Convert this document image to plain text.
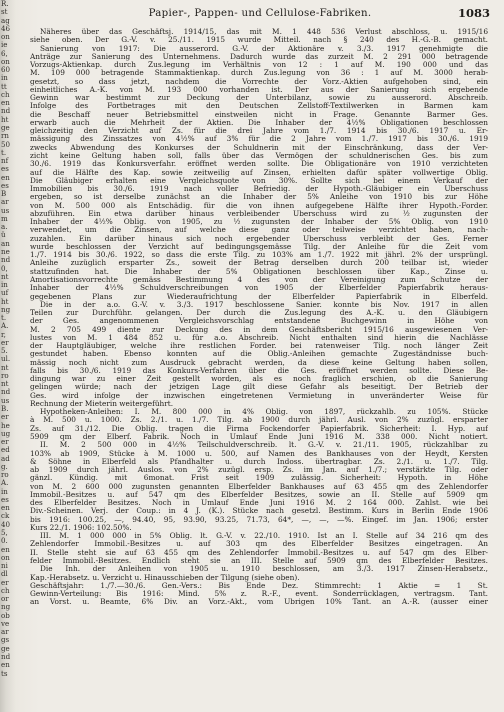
R.
st
ag
46
on
ie
6,
on
60
in
tt
ch
en
nd
ht
ge
rn
50
t.
nf
es
en
es
B
ar
us
m
a.
ü
an
ne
nd
0,
nt
in
uf
ht
ng
t.
A.
r,
er
5.
ul.
nt
ro
nt
nd
us
B.
er
he
ug
er
ed
ad
g.
ro
A.
in
es
en
ck
40
5,
0.
en
on
ni
dl
er
ch
or
ng
ob
ve
ar
gs
ge
nd
en
ts
Papier-, Pappen- und Cellulose-Fabriken.	1083
Näheres über das Geschäftsj. 1914/15, das mit M. 1 448 536 Verlust abschloss, u. 1915/16
siehe oben. Der G.-V. v. 25./11. 1915 wurde Mitteil. nach § 240 des H.-G.-B. gemacht.
Sanierung von 1917: Die ausserord. G.-V. der Aktionäre v. 3./3. 1917 genehmigte die
Anträge zur Sanierung des Unternehmens. Dadurch wurde das zurzeit M. 2 291 000 betragende
Vorzugs-Aktienkap. durch Zus.legung im Verhältnis von 12 : 1 auf M. 190 000 und das
M. 109 000 betragende Stammaktienkap. durch Zus.legung von 36 : 1 auf M. 3000 herab-
gesetzt, so dass jetzt, nachdem die Vorrechte der Vorz.-Aktien aufgehoben sind, ein
einheitliches A.-K. von M. 193 000 vorhanden ist. Der aus der Sanierung sich ergebende
Gewinn war bestimmt zur Deckung der Unterbilanz, sowie zu ausserord. Abschreib.
Infolge des Fortbetrages mit den Deutschen Zellstoff-Textilwerken in Barmen kam
die Beschaff neuer Betriebsmittel einstweilen nicht in Frage. Genannte Barmer Ges.
erwarb auch die Mehrheit der Aktien. Die Inhaber der 4½% Obligationen beschlossen
gleichzeitig den Verzicht auf Zs. für die drei Jahre vom 1./7. 1914 bis 30./6. 1917 u. Er-
mässigung des Zinssatzes von 4½% auf 3% für die 2 Jahre vom 1./7. 1917 bis 30./6. 1919
zwecks Abwendung des Konkurses der Schuldnerin mit der Einschränkung, dass der Ver-
zicht keine Geltung haben soll, falls über das Vermögen der schuldnerischen Ges. bis zum
30./6. 1919 das Konkursverfahr. eröffnet werden sollte. Die Obligationäre von 1910 verzichteten
auf die Hälfte des Kap. sowie zeitweilig auf Zinsen, erhielten dafür später vollwertige Oblig.
Die Gläubiger erhalten eine Vergleichsquote von 30%. Sollte sich bei einem Verkauf der
Immobilien bis 30./6. 1919 nach voller Befriedig. der Hypoth.-Gläubiger ein Überschuss
ergeben, so ist derselbe zunächst an die Inhaber der 5% Anleihe von 1910 bis zur Höhe
von M. 500 000 als Entschädig. für die von ihnen aufgegebene Hälfte ihrer Hypoth.-Forder.
abzuführen. Ein etwa darüber hinaus verbleibender Überschuss wird zu ½ zugunsten der
Inhaber der 4½% Oblig. von 1905, zu ½ zugunsten der Inhaber der 5% Oblig. von 1910
verwendet, um die Zinsen, auf welche diese ganz oder teilweise verzichtet haben, nach-
zuzahlen. Ein darüber hinaus sich noch ergebender Überschuss verbleibt der Ges. Ferner
wurde beschlossen der Verzicht auf bedingungsgemässe Tilg. der Anleihe für die Zeit vom
1./7. 1914 bis 30./6. 1922, so dass die erste Tilg. zu 103% am 1./7. 1922 mit jährl. 2% der ursprüngl.
Anleihe zuzüglich ersparter Zs., soweit der Betrag derselben durch 200 teilbar ist, wieder
stattzufinden hat. Die Inhaber der 5% Obligationen beschlossen über Kap., Zinse u.
Amortisationsvorrechte gemäss Bestimmung 4 des von der Vereinigung zum Schutze der
Inhaber der 4½% Schuldverschreibungen von 1905 der Elberfelder Papierfabrik heraus-
gegebenen Plans zur Wiederaufrichtung der Elberfelder Papierfabrik in Elberfeld.
Die in der a.o. G.-V. v. 3./3. 1917 beschlossene Sanier. konnte bis Nov. 1917 in allen
Teilen zur Durchführ. gelangen. Der durch die Zus.legung des A.-K. u. den Gläubigern
der Ges. angenommenen Vergleichsvorschlag entstandene Buchgewinn in Höhe von
M. 2 705 499 diente zur Deckung des in dem Geschäftsbericht 1915/16 ausgewiesenen Ver-
lustes von M. 1 484 852 u. für a.o. Abschreib. Nicht enthalten sind hierin die Nachlässe
der Hauptgläubiger, welche ihre restlichen Forder. bei ratenweiser Tilg. noch länger Zeit
gestundet haben. Ebenso konnten auf die Oblig.-Anleihen gemachte Zugeständnisse buch-
mässig noch nicht zum Ausdruck gebracht werden, da diese keine Geltung haben sollen,
falls bis 30./6. 1919 das Konkurs-Verfahren über die Ges. eröffnet werden sollte. Diese Be-
dingung war zu einer Zeit gestellt worden, als es noch fraglich erschien, ob die Sanierung
gelingen würde; nach der jetzigen Lage gilt diese Gefahr als beseitigt. Der Betrieb der
Ges. wird infolge der inzwischen eingetretenen Vermietung in unveränderter Weise für
Rechnung der Mieterin weitergeführt.
Hypotheken-Anleihen: I. M. 800 000 in 4% Oblig. von 1897, rückzahlb. zu 105%. Stücke
à M. 500 u. 1000. Zs. 2./1. u. 1./7. Tilg. ab 1900 durch jährl. Ausl. von 2% zuzügl. ersparter
Zs. auf 31./12. Die Oblig. tragen die Firma Fockendorfer Papierfabrik. Sicherheit: I. Hyp. auf
5909 qm der Elberf. Fabrik. Noch in Umlauf Ende Juni 1916 M. 338 000. Nicht notiert.
II. M. 2 500 000 in 4½% Teilschuldverschreib. lt. G.-V. v. 21./11. 1905, rückzahlbar zu
103% ab 1909, Stücke à M. 1000 u. 500, auf Namen des Bankhauses von der Heydt, Kersten
& Söhne in Elberfeld als Pfandhalter u. durch Indoss. übertragbar. Zs. 2./1. u. 1./7. Tilg.
ab 1909 durch jährl. Auslos. von 2% zuzügl. ersp. Zs. im Jan. auf 1./7.; verstärkte Tilg. oder
gänzl. Kündig. mit 6monat. Frist seit 1909 zulässig. Sicherheit: Hypoth. in Höhe
von M. 2 600 000 zugunsten genannten Elberfelder Bankhauses auf 63 455 qm des Zehlendorfer
Immobil.-Besitzes u. auf 547 qm des Elberfelder Besitzes, sowie an II. Stelle auf 5909 qm
des Elberfelder Besitzes. Noch in Umlauf Ende Juni 1916 M. 2 164 000. Zahlst. wie bei
Div.-Scheinen. Verj. der Coup.: in 4 J. (K.). Stücke nach gesetzl. Bestimm. Kurs in Berlin Ende 1906
bis 1916: 100.25, —, 94.40, 95, 93.90, 93.25, 71.73, 64*, —, —, —%. Eingef. im Jan. 1906; erster
Kurs 22./1. 1906: 102.50%.
III. M. 1 000 000 in 5% Oblig. lt. G.-V. v. 22./10. 1910. Ist an I. Stelle auf 34 216 qm des
Zehlendorfer Immobil.-Besitzes u. auf 303 qm des Elberfelder Besitzes eingetragen. An
II. Stelle steht sie auf 63 455 qm des Zehlendorfer Immobil.-Besitzes u. auf 547 qm des Elber-
felder Immobil.-Besitzes. Endlich steht sie an III. Stelle auf 5909 qm des Elberfelder Besitzes.
Die Inh. der Anleihen von 1905 u. 1910 beschlossen, am 3./3. 1917 Zinsen-Herabsetz.,
Kap.-Herabsetz. u. Verzicht u. Hinausschieben der Tilgung (siehe oben).
Geschäftsjahr: 1./7.—30./6. Gen.-Vers.: Bis Ende Dez. Stimmrecht: 1 Aktie = 1 St.
Gewinn-Verteilung: Bis 1916: Mind. 5% z. R.-F., event. Sonderrücklagen, vertragsm. Tant.
an Vorst. u. Beamte, 6% Div. an Vorz.-Akt., vom Übrigen 10% Tant. an A.-R. (ausser einer
